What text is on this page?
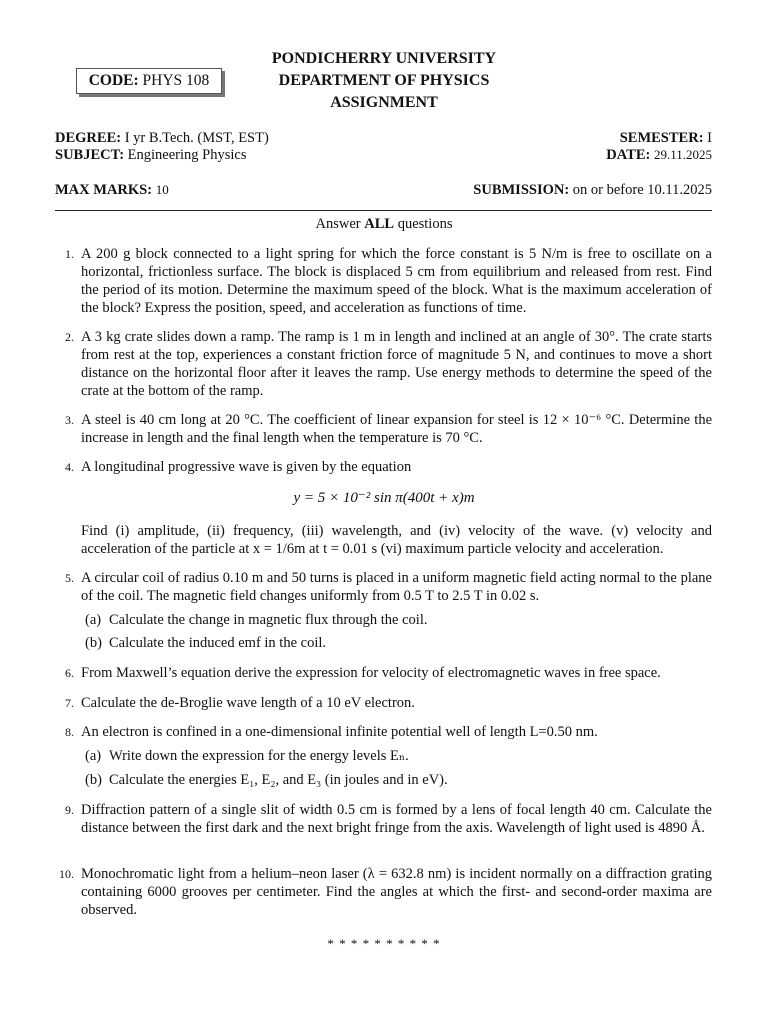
PONDICHERRY UNIVERSITY
DEPARTMENT OF PHYSICS
ASSIGNMENT
CODE: PHYS 108
DEGREE: I yr B.Tech. (MST, EST)	SEMESTER: I
SUBJECT: Engineering Physics	DATE: 29.11.2025
MAX MARKS: 10	SUBMISSION: on or before 10.11.2025
Answer ALL questions
1. A 200 g block connected to a light spring for which the force constant is 5 N/m is free to oscillate on a horizontal, frictionless surface. The block is displaced 5 cm from equilibrium and released from rest. Find the period of its motion. Determine the maximum speed of the block. What is the maximum acceleration of the block? Express the position, speed, and acceleration as functions of time.
2. A 3 kg crate slides down a ramp. The ramp is 1 m in length and inclined at an angle of 30°. The crate starts from rest at the top, experiences a constant friction force of magnitude 5 N, and continues to move a short distance on the horizontal floor after it leaves the ramp. Use energy methods to determine the speed of the crate at the bottom of the ramp.
3. A steel is 40 cm long at 20 °C. The coefficient of linear expansion for steel is 12 × 10⁻⁶ °C. Determine the increase in length and the final length when the temperature is 70 °C.
4. A longitudinal progressive wave is given by the equation
y = 5 × 10⁻² sin π(400t + x)m
Find (i) amplitude, (ii) frequency, (iii) wavelength, and (iv) velocity of the wave. (v) velocity and acceleration of the particle at x = 1/6m at t = 0.01 s (vi) maximum particle velocity and acceleration.
5. A circular coil of radius 0.10 m and 50 turns is placed in a uniform magnetic field acting normal to the plane of the coil. The magnetic field changes uniformly from 0.5 T to 2.5 T in 0.02 s.
(a) Calculate the change in magnetic flux through the coil.
(b) Calculate the induced emf in the coil.
6. From Maxwell’s equation derive the expression for velocity of electromagnetic waves in free space.
7. Calculate the de-Broglie wave length of a 10 eV electron.
8. An electron is confined in a one-dimensional infinite potential well of length L=0.50 nm.
(a) Write down the expression for the energy levels Eₙ.
(b) Calculate the energies E₁, E₂, and E₃ (in joules and in eV).
9. Diffraction pattern of a single slit of width 0.5 cm is formed by a lens of focal length 40 cm. Calculate the distance between the first dark and the next bright fringe from the axis. Wavelength of light used is 4890 Å.
10. Monochromatic light from a helium–neon laser (λ = 632.8 nm) is incident normally on a diffraction grating containing 6000 grooves per centimeter. Find the angles at which the first- and second-order maxima are observed.
* * * * * * * * * *
